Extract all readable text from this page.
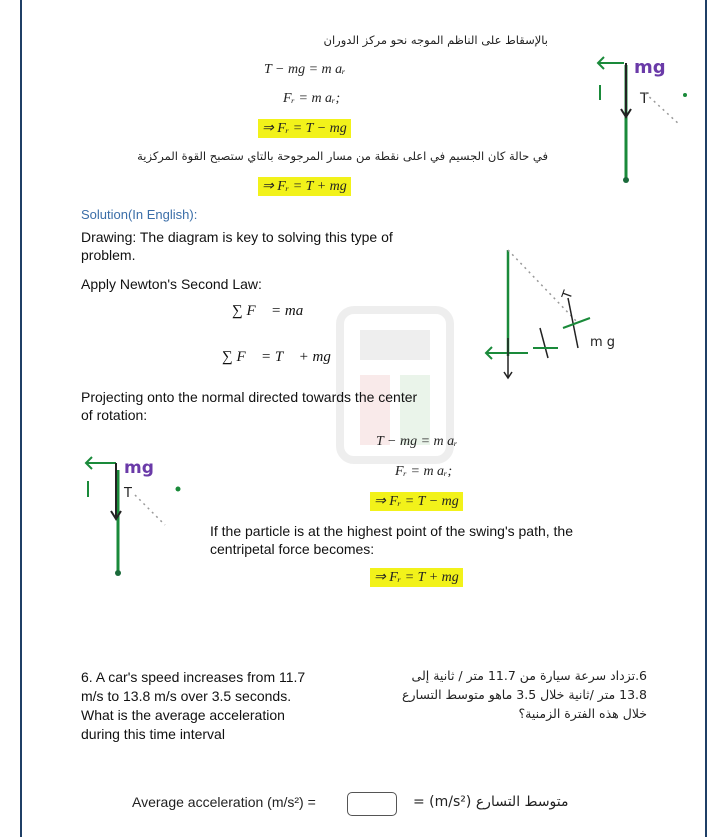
بالإسقاط على الناظم الموجه نحو مركز الدوران
T − mg = m aᵣ
Fᵣ = m aᵣ;
⇒ Fᵣ = T − mg
في حالة كان الجسيم في اعلى نقطة من مسار المرجوحة بالتاي ستصبح القوة المركزية
⇒ Fᵣ = T + mg
mg
T
Solution(In English):
Drawing: The diagram is key to solving this type of
problem.
Apply Newton's Second Law:
∑ F⃗ = ma⃗
∑ F⃗ = T⃗ + mg⃗
T
m g
Projecting onto the normal directed towards the center
of rotation:
T − mg = m aᵣ
Fᵣ = m aᵣ;
⇒ Fᵣ = T − mg
mg
T
If the particle is at the highest point of the swing's path, the
centripetal force becomes:
⇒ Fᵣ = T + mg
6. A car's speed increases from 11.7
m/s to 13.8 m/s over 3.5 seconds.
What is the average acceleration
during this time interval
6.تزداد سرعة سيارة من 11.7 متر / ثانية إلى
13.8 متر /ثانية خلال 3.5 ماهو متوسط التسارع
خلال هذه الفترة الزمنية؟
Average acceleration (m/s²) =	= (m/s²) متوسط التسارع
